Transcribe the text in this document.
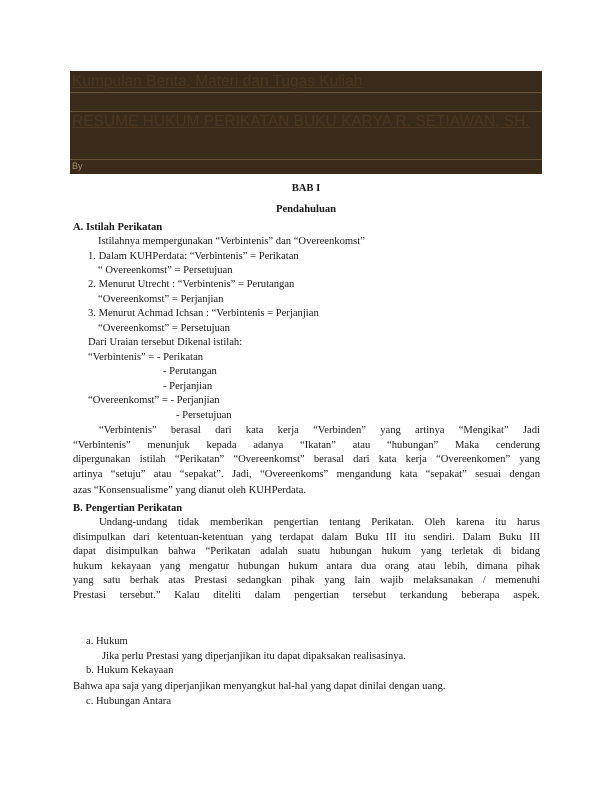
Kumpulan Berita, Materi dan Tugas Kuliah
RESUME HUKUM PERIKATAN BUKU KARYA R. SETIAWAN, SH.
By
BAB I
Pendahuluan
A. Istilah Perikatan
Istilahnya mempergunakan “Verbintenis” dan “Overeenkomst”
1. Dalam KUHPerdata: “Verbintenis” = Perikatan
“ Overeenkomst” = Persetujuan
2. Menurut Utrecht : “Verbintenis” = Perutangan
“Overeenkomst” = Perjanjian
3. Menurut Achmad Ichsan : “Verbintenis = Perjanjian
“Overeenkomst” = Persetujuan
Dari Uraian tersebut Dikenal istilah:
“Verbintenis” = - Perikatan
- Perutangan
- Perjanjian
“Overeenkomst” = - Perjanjian
- Persetujuan
“Verbintenis” berasal dari kata kerja “Verbinden” yang artinya “Mengikat” Jadi
“Verbintenis” menunjuk kepada adanya “Ikatan” atau “hubungan” Maka cenderung
dipergunakan istilah “Perikatan” “Overeenkomst” berasal dari kata kerja “Overeenkomen” yang
artinya “setuju” atau “sepakat”. Jadi, “Overeenkoms” mengandung kata “sepakat” sesuai dengan
azas “Konsensualisme” yang dianut oleh KUHPerdata.
B. Pengertian Perikatan
Undang-undang tidak memberikan pengertian tentang Perikatan. Oleh karena itu harus
disimpulkan dari ketentuan-ketentuan yang terdapat dalam Buku III itu sendiri. Dalam Buku III
dapat disimpulkan bahwa “Perikatan adalah suatu hubungan hukum yang terletak di bidang
hukum kekayaan yang mengatur hubungan hukum antara dua orang atau lebih, dimana pihak
yang satu berhak atas Prestasi sedangkan pihak yang lain wajib melaksanakan / memenuhi
Prestasi tersebut.” Kalau diteliti dalam pengertian tersebut terkandung beberapa aspek.
a. Hukum
Jika perlu Prestasi yang diperjanjikan itu dapat dipaksakan realisasinya.
b. Hukum Kekayaan
Bahwa apa saja yang diperjanjikan menyangkut hal-hal yang dapat dinilai dengan uang.
c. Hubungan Antara
